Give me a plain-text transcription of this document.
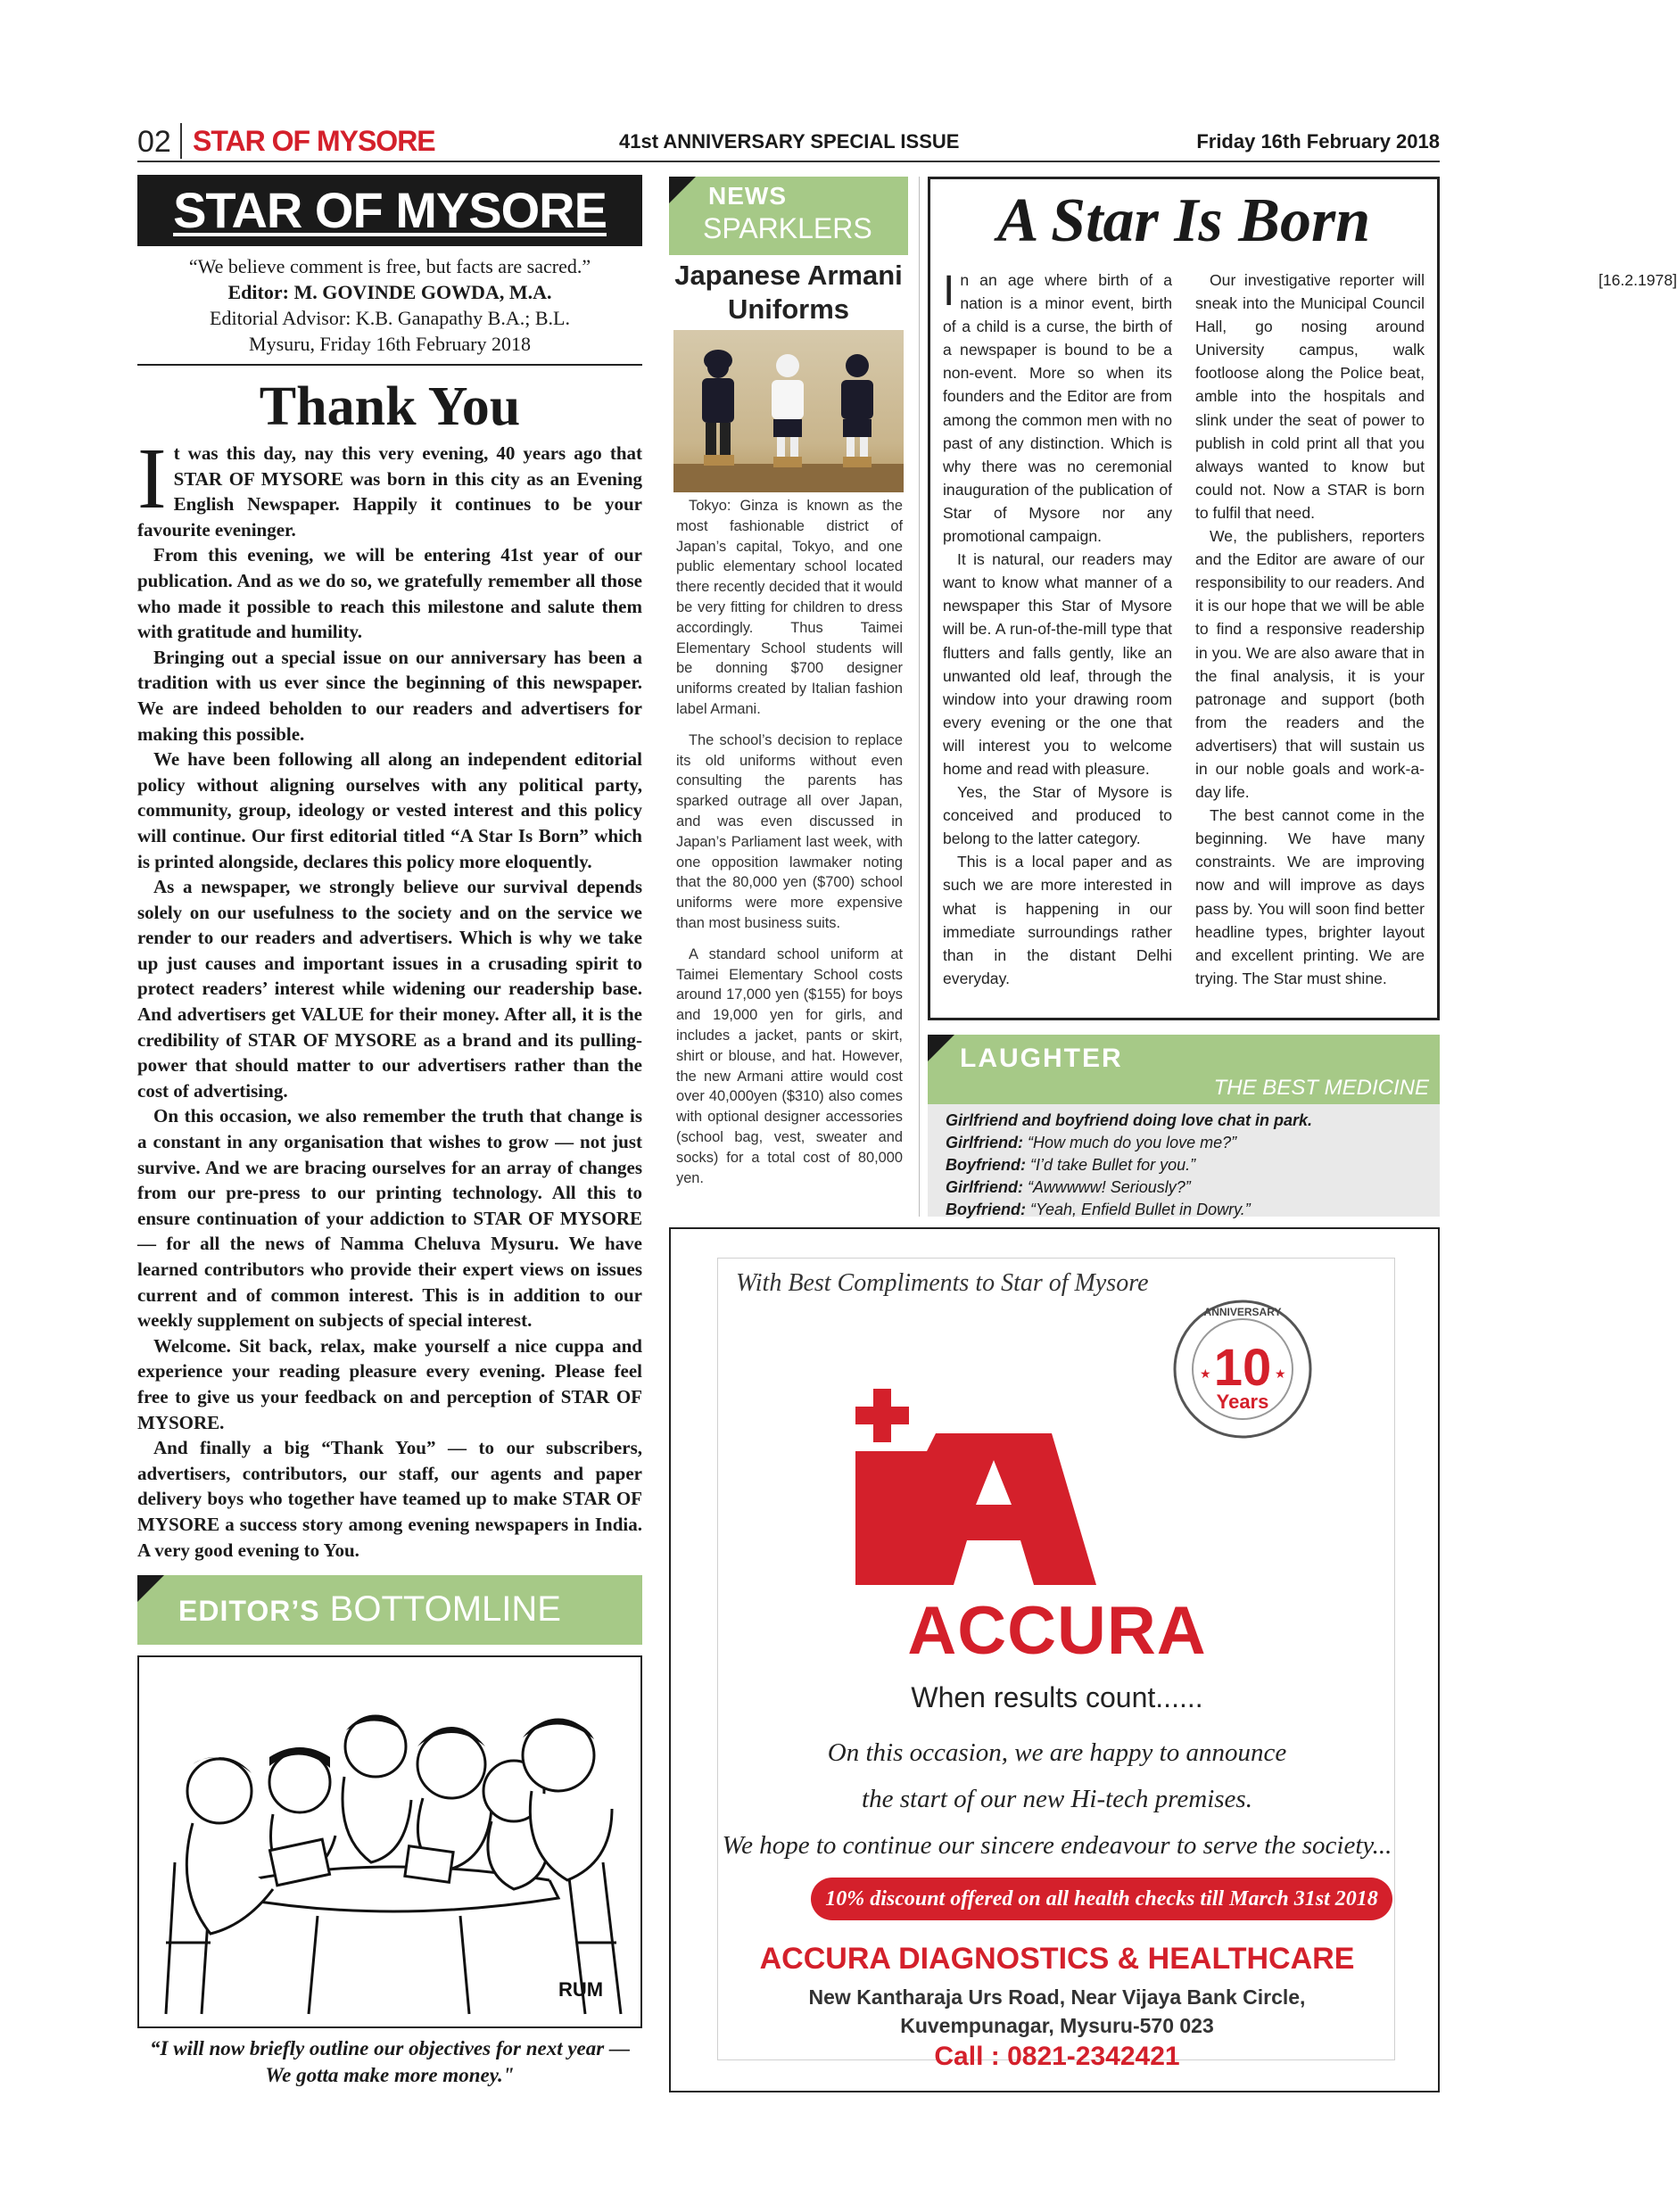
02 STAR OF MYSORE	41st ANNIVERSARY SPECIAL ISSUE	Friday 16th February 2018
STAR OF MYSORE
“We believe comment is free, but facts are sacred.”
Editor: M. GOVINDE GOWDA, M.A.
Editorial Advisor: K.B. Ganapathy B.A.; B.L.
Mysuru, Friday 16th February 2018
Thank You

It was this day, nay this very evening, 40 years ago that STAR OF MYSORE was born in this city as an Evening English Newspaper. Happily it continues to be your favourite eveninger.

From this evening, we will be entering 41st year of our publication. And as we do so, we gratefully remember all those who made it possible to reach this milestone and salute them with gratitude and humility.

Bringing out a special issue on our anniversary has been a tradition with us ever since the beginning of this newspaper. We are indeed beholden to our readers and advertisers for making this possible.

We have been following all along an independent editorial policy without aligning ourselves with any political party, community, group, ideology or vested interest and this policy will continue. Our first editorial titled “A Star Is Born” which is printed alongside, declares this policy more eloquently.

As a newspaper, we strongly believe our survival depends solely on our usefulness to the society and on the service we render to our readers and advertisers. Which is why we take up just causes and important issues in a crusading spirit to protect readers’ interest while widening our readership base. And advertisers get VALUE for their money. After all, it is the credibility of STAR OF MYSORE as a brand and its pulling-power that should matter to our advertisers rather than the cost of advertising.

On this occasion, we also remember the truth that change is a constant in any organisation that wishes to grow — not just survive. And we are bracing ourselves for an array of changes from our pre-press to our printing technology. All this to ensure continuation of your addiction to STAR OF MYSORE — for all the news of Namma Cheluva Mysuru. We have learned contributors who provide their expert views on issues current and of common interest. This is in addition to our weekly supplement on subjects of special interest.

Welcome. Sit back, relax, make yourself a nice cuppa and experience your reading pleasure every evening. Please feel free to give us your feedback on and perception of STAR OF MYSORE.

And finally a big “Thank You” — to our subscribers, advertisers, contributors, our staff, our agents and paper delivery boys who together have teamed up to make STAR OF MYSORE a success story among evening newspapers in India. A very good evening to You.

EDITOR’S BOTTOMLINE
RUM
“I will now briefly outline our objectives for next year — We gotta make more money."
NEWS
SPARKLERS
Japanese Armani Uniforms

Tokyo: Ginza is known as the most fashionable district of Japan’s capital, Tokyo, and one public elementary school located there recently decided that it would be very fitting for children to dress accordingly. Thus Taimei Elementary School students will be donning $700 designer uniforms created by Italian fashion label Armani.

The school’s decision to replace its old uniforms without even consulting the parents has sparked outrage all over Japan, and was even discussed in Japan’s Parliament last week, with one opposition lawmaker noting that the 80,000 yen ($700) school uniforms were more expensive than most business suits.

A standard school uniform at Taimei Elementary School costs around 17,000 yen ($155) for boys and 19,000 yen for girls, and includes a jacket, pants or skirt, shirt or blouse, and hat. However, the new Armani attire would cost over 40,000yen ($310) also comes with optional designer accessories (school bag, vest, sweater and socks) for a total cost of 80,000 yen.

A Star Is Born

In an age where birth of a nation is a minor event, birth of a child is a curse, the birth of a newspaper is bound to be a non-event. More so when its founders and the Editor are from among the common men with no past of any distinction. Which is why there was no ceremonial inauguration of the publication of Star of Mysore nor any promotional campaign.

It is natural, our readers may want to know what manner of a newspaper this Star of Mysore will be. A run-of-the-mill type that flutters and falls gently, like an unwanted old leaf, through the window into your drawing room every evening or the one that will interest you to welcome home and read with pleasure.

Yes, the Star of Mysore is conceived and produced to belong to the latter category.

This is a local paper and as such we are more interested in what is happening in our immediate surroundings rather than in the distant Delhi everyday.

Our investigative reporter will sneak into the Municipal Council Hall, go nosing around University campus, walk footloose along the Police beat, amble into the hospitals and slink under the seat of power to publish in cold print all that you always wanted to know but could not. Now a STAR is born to fulfil that need.

We, the publishers, reporters and the Editor are aware of our responsibility to our readers. And it is our hope that we will be able to find a responsive readership in you. We are also aware that in the final analysis, it is your patronage and support (both from the readers and the advertisers) that will sustain us in our noble goals and work-a-day life.

The best cannot come in the beginning. We have many constraints. We are improving now and will improve as days pass by. You will soon find better headline types, brighter layout and excellent printing. We are trying. The Star must shine.

[16.2.1978]

LAUGHTER
THE BEST MEDICINE
Girlfriend and boyfriend doing love chat in park.
Girlfriend: “How much do you love me?”
Boyfriend: “I’d take Bullet for you.”
Girlfriend: “Awwwww! Seriously?”
Boyfriend: “Yeah, Enfield Bullet in Dowry.”
With Best Compliments to Star of Mysore
ANNIVERSARY
10
Years
★	★
ACCURA
When results count......
On this occasion, we are happy to announce
the start of our new Hi-tech premises.
We hope to continue our sincere endeavour to serve the society...
10% discount offered on all health checks till March 31st 2018
ACCURA DIAGNOSTICS & HEALTHCARE
New Kantharaja Urs Road, Near Vijaya Bank Circle,
Kuvempunagar, Mysuru-570 023
Call : 0821-2342421
